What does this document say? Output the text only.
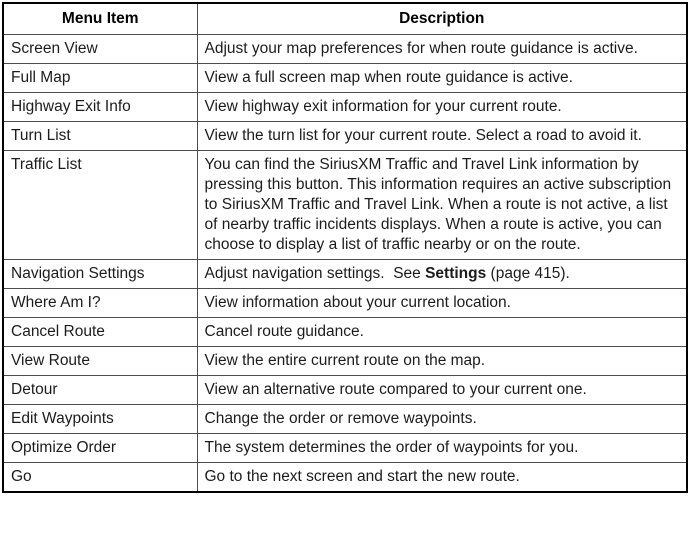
Menu Item	Description
Screen View	Adjust your map preferences for when route guidance is active.
Full Map	View a full screen map when route guidance is active.
Highway Exit Info	View highway exit information for your current route.
Turn List	View the turn list for your current route. Select a road to avoid it.
Traffic List	You can find the SiriusXM Traffic and Travel Link information by pressing this button. This information requires an active subscription to SiriusXM Traffic and Travel Link. When a route is not active, a list of nearby traffic incidents displays. When a route is active, you can choose to display a list of traffic nearby or on the route.
Navigation Settings	Adjust navigation settings.  See Settings (page 415).
Where Am I?	View information about your current location.
Cancel Route	Cancel route guidance.
View Route	View the entire current route on the map.
Detour	View an alternative route compared to your current one.
Edit Waypoints	Change the order or remove waypoints.
Optimize Order	The system determines the order of waypoints for you.
Go	Go to the next screen and start the new route.
